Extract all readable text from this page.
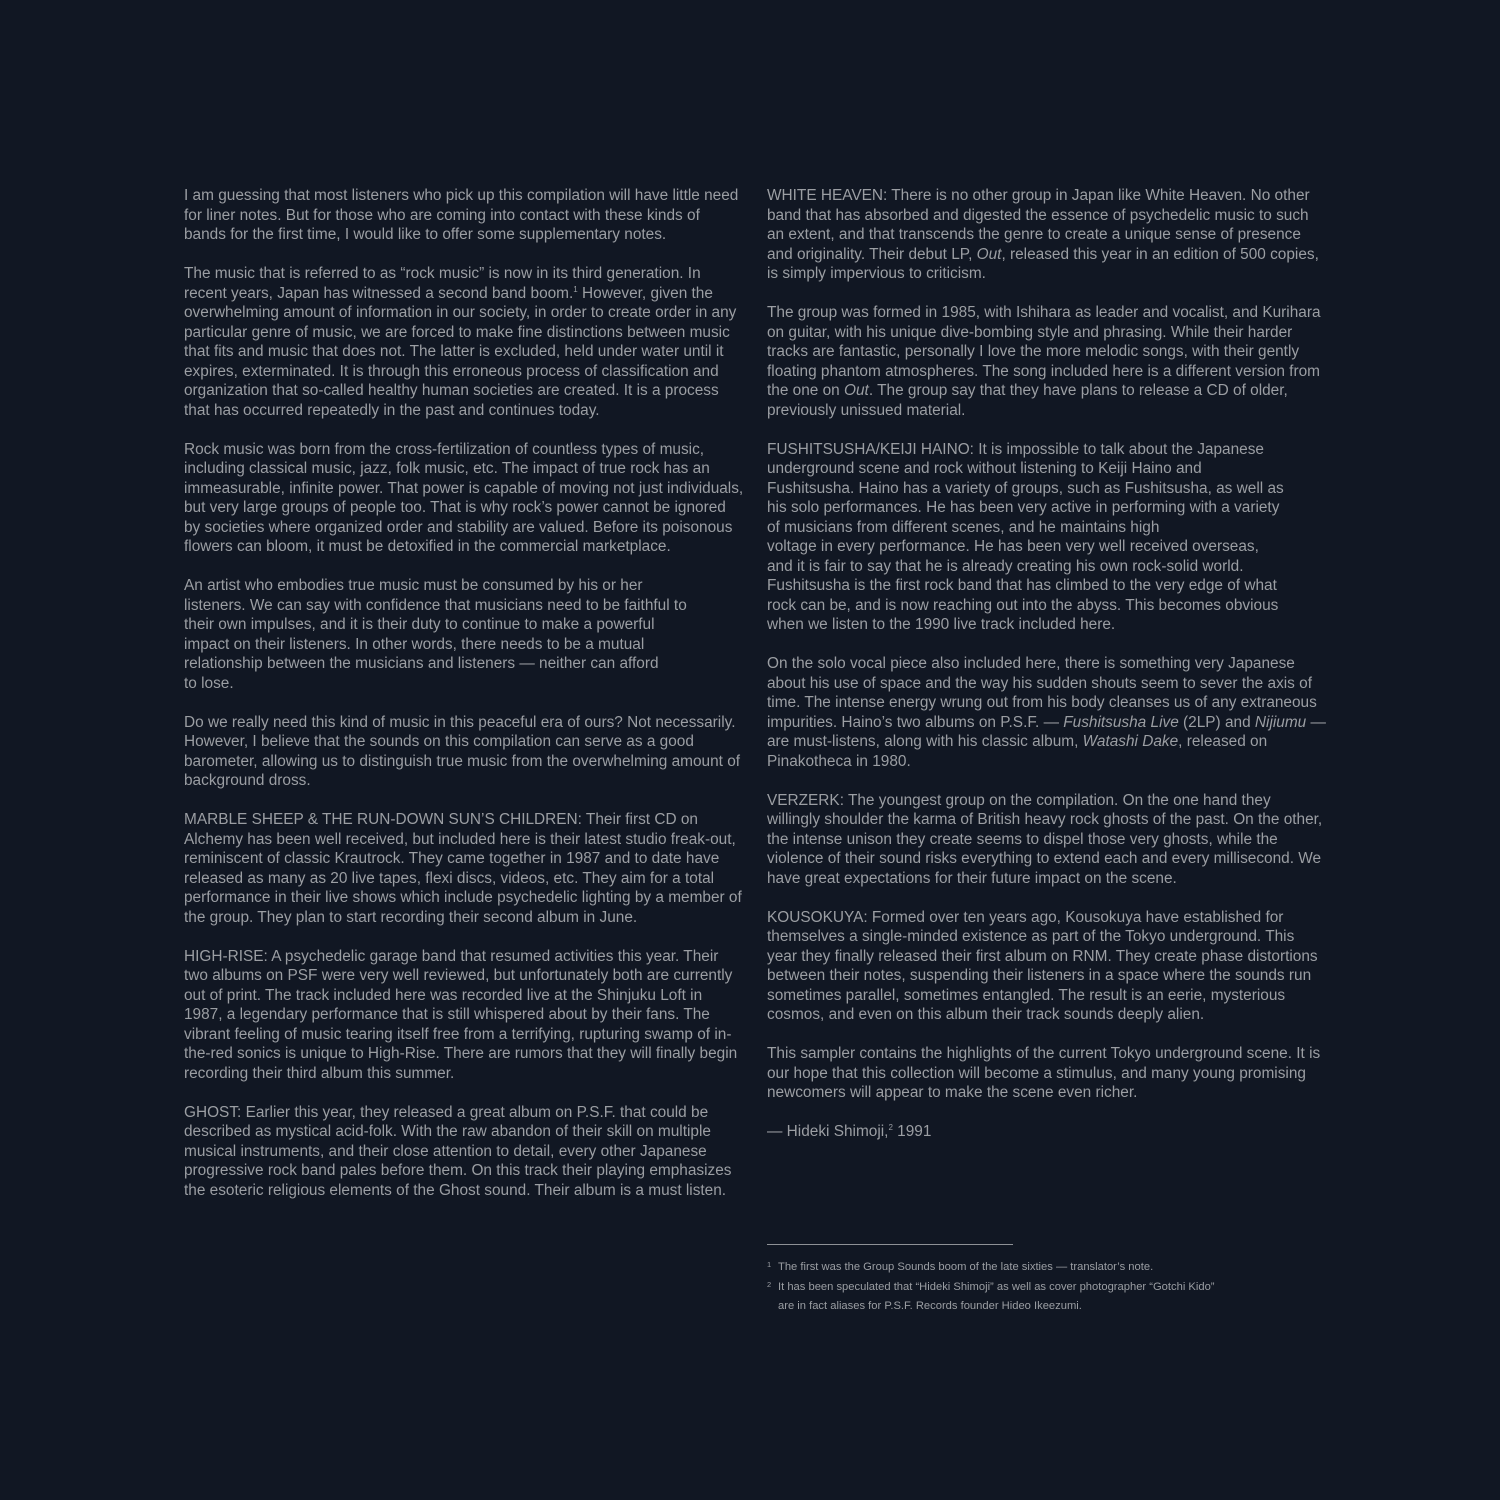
I am guessing that most listeners who pick up this compilation will have little need for liner notes. But for those who are coming into contact with these kinds of bands for the first time, I would like to offer some supplementary notes.

The music that is referred to as “rock music” is now in its third generation. In recent years, Japan has witnessed a second band boom.$^1$ However, given the overwhelming amount of information in our society, in order to create order in any particular genre of music, we are forced to make fine distinctions between music that fits and music that does not. The latter is excluded, held under water until it expires, exterminated. It is through this erroneous process of classification and organization that so-called healthy human societies are created. It is a process that has occurred repeatedly in the past and continues today.

Rock music was born from the cross-fertilization of countless types of music, including classical music, jazz, folk music, etc. The impact of true rock has an immeasurable, infinite power. That power is capable of moving not just individuals, but very large groups of people too. That is why rock’s power cannot be ignored by societies where organized order and stability are valued. Before its poisonous flowers can bloom, it must be detoxified in the commercial marketplace.

An artist who embodies true music must be consumed by his or her
listeners. We can say with confidence that musicians need to be faithful to
their own impulses, and it is their duty to continue to make a powerful
impact on their listeners. In other words, there needs to be a mutual
relationship between the musicians and listeners — neither can afford
to lose.

Do we really need this kind of music in this peaceful era of ours? Not necessarily. However, I believe that the sounds on this compilation can serve as a good barometer, allowing us to distinguish true music from the overwhelming amount of background dross.

MARBLE SHEEP & THE RUN-DOWN SUN’S CHILDREN: Their first CD on Alchemy has been well received, but included here is their latest studio freak-out, reminiscent of classic Krautrock. They came together in 1987 and to date have released as many as 20 live tapes, flexi discs, videos, etc. They aim for a total performance in their live shows which include psychedelic lighting by a member of the group. They plan to start recording their second album in June.

HIGH-RISE: A psychedelic garage band that resumed activities this year. Their two albums on PSF were very well reviewed, but unfortunately both are currently out of print. The track included here was recorded live at the Shinjuku Loft in 1987, a legendary performance that is still whispered about by their fans. The vibrant feeling of music tearing itself free from a terrifying, rupturing swamp of in-the-red sonics is unique to High-Rise. There are rumors that they will finally begin recording their third album this summer.

GHOST: Earlier this year, they released a great album on P.S.F. that could be described as mystical acid-folk. With the raw abandon of their skill on multiple musical instruments, and their close attention to detail, every other Japanese progressive rock band pales before them. On this track their playing emphasizes the esoteric religious elements of the Ghost sound. Their album is a must listen.

WHITE HEAVEN: There is no other group in Japan like White Heaven. No other band that has absorbed and digested the essence of psychedelic music to such an extent, and that transcends the genre to create a unique sense of presence and originality. Their debut LP, Out, released this year in an edition of 500 copies, is simply impervious to criticism.

The group was formed in 1985, with Ishihara as leader and vocalist, and Kurihara on guitar, with his unique dive-bombing style and phrasing. While their harder tracks are fantastic, personally I love the more melodic songs, with their gently floating phantom atmospheres. The song included here is a different version from the one on Out. The group say that they have plans to release a CD of older, previously unissued material.

FUSHITSUSHA/KEIJI HAINO: It is impossible to talk about the Japanese
underground scene and rock without listening to Keiji Haino and
Fushitsusha. Haino has a variety of groups, such as Fushitsusha, as well as
his solo performances. He has been very active in performing with a variety
of musicians from different scenes, and he maintains high
voltage in every performance. He has been very well received overseas,
and it is fair to say that he is already creating his own rock-solid world.
Fushitsusha is the first rock band that has climbed to the very edge of what
rock can be, and is now reaching out into the abyss. This becomes obvious
when we listen to the 1990 live track included here.

On the solo vocal piece also included here, there is something very Japanese about his use of space and the way his sudden shouts seem to sever the axis of time. The intense energy wrung out from his body cleanses us of any extraneous impurities. Haino’s two albums on P.S.F. — Fushitsusha Live (2LP) and Nijiumu — are must-listens, along with his classic album, Watashi Dake, released on Pinakotheca in 1980.

VERZERK: The youngest group on the compilation. On the one hand they willingly shoulder the karma of British heavy rock ghosts of the past. On the other, the intense unison they create seems to dispel those very ghosts, while the violence of their sound risks everything to extend each and every millisecond. We have great expectations for their future impact on the scene.

KOUSOKUYA: Formed over ten years ago, Kousokuya have established for themselves a single-minded existence as part of the Tokyo underground. This year they finally released their first album on RNM. They create phase distortions between their notes, suspending their listeners in a space where the sounds run sometimes parallel, sometimes entangled. The result is an eerie, mysterious cosmos, and even on this album their track sounds deeply alien.

This sampler contains the highlights of the current Tokyo underground scene. It is our hope that this collection will become a stimulus, and many young promising newcomers will appear to make the scene even richer.

— Hideki Shimoji,$^2$ 1991

1 The first was the Group Sounds boom of the late sixties — translator’s note.
2 It has been speculated that “Hideki Shimoji” as well as cover photographer “Gotchi Kido”
are in fact aliases for P.S.F. Records founder Hideo Ikeezumi.
